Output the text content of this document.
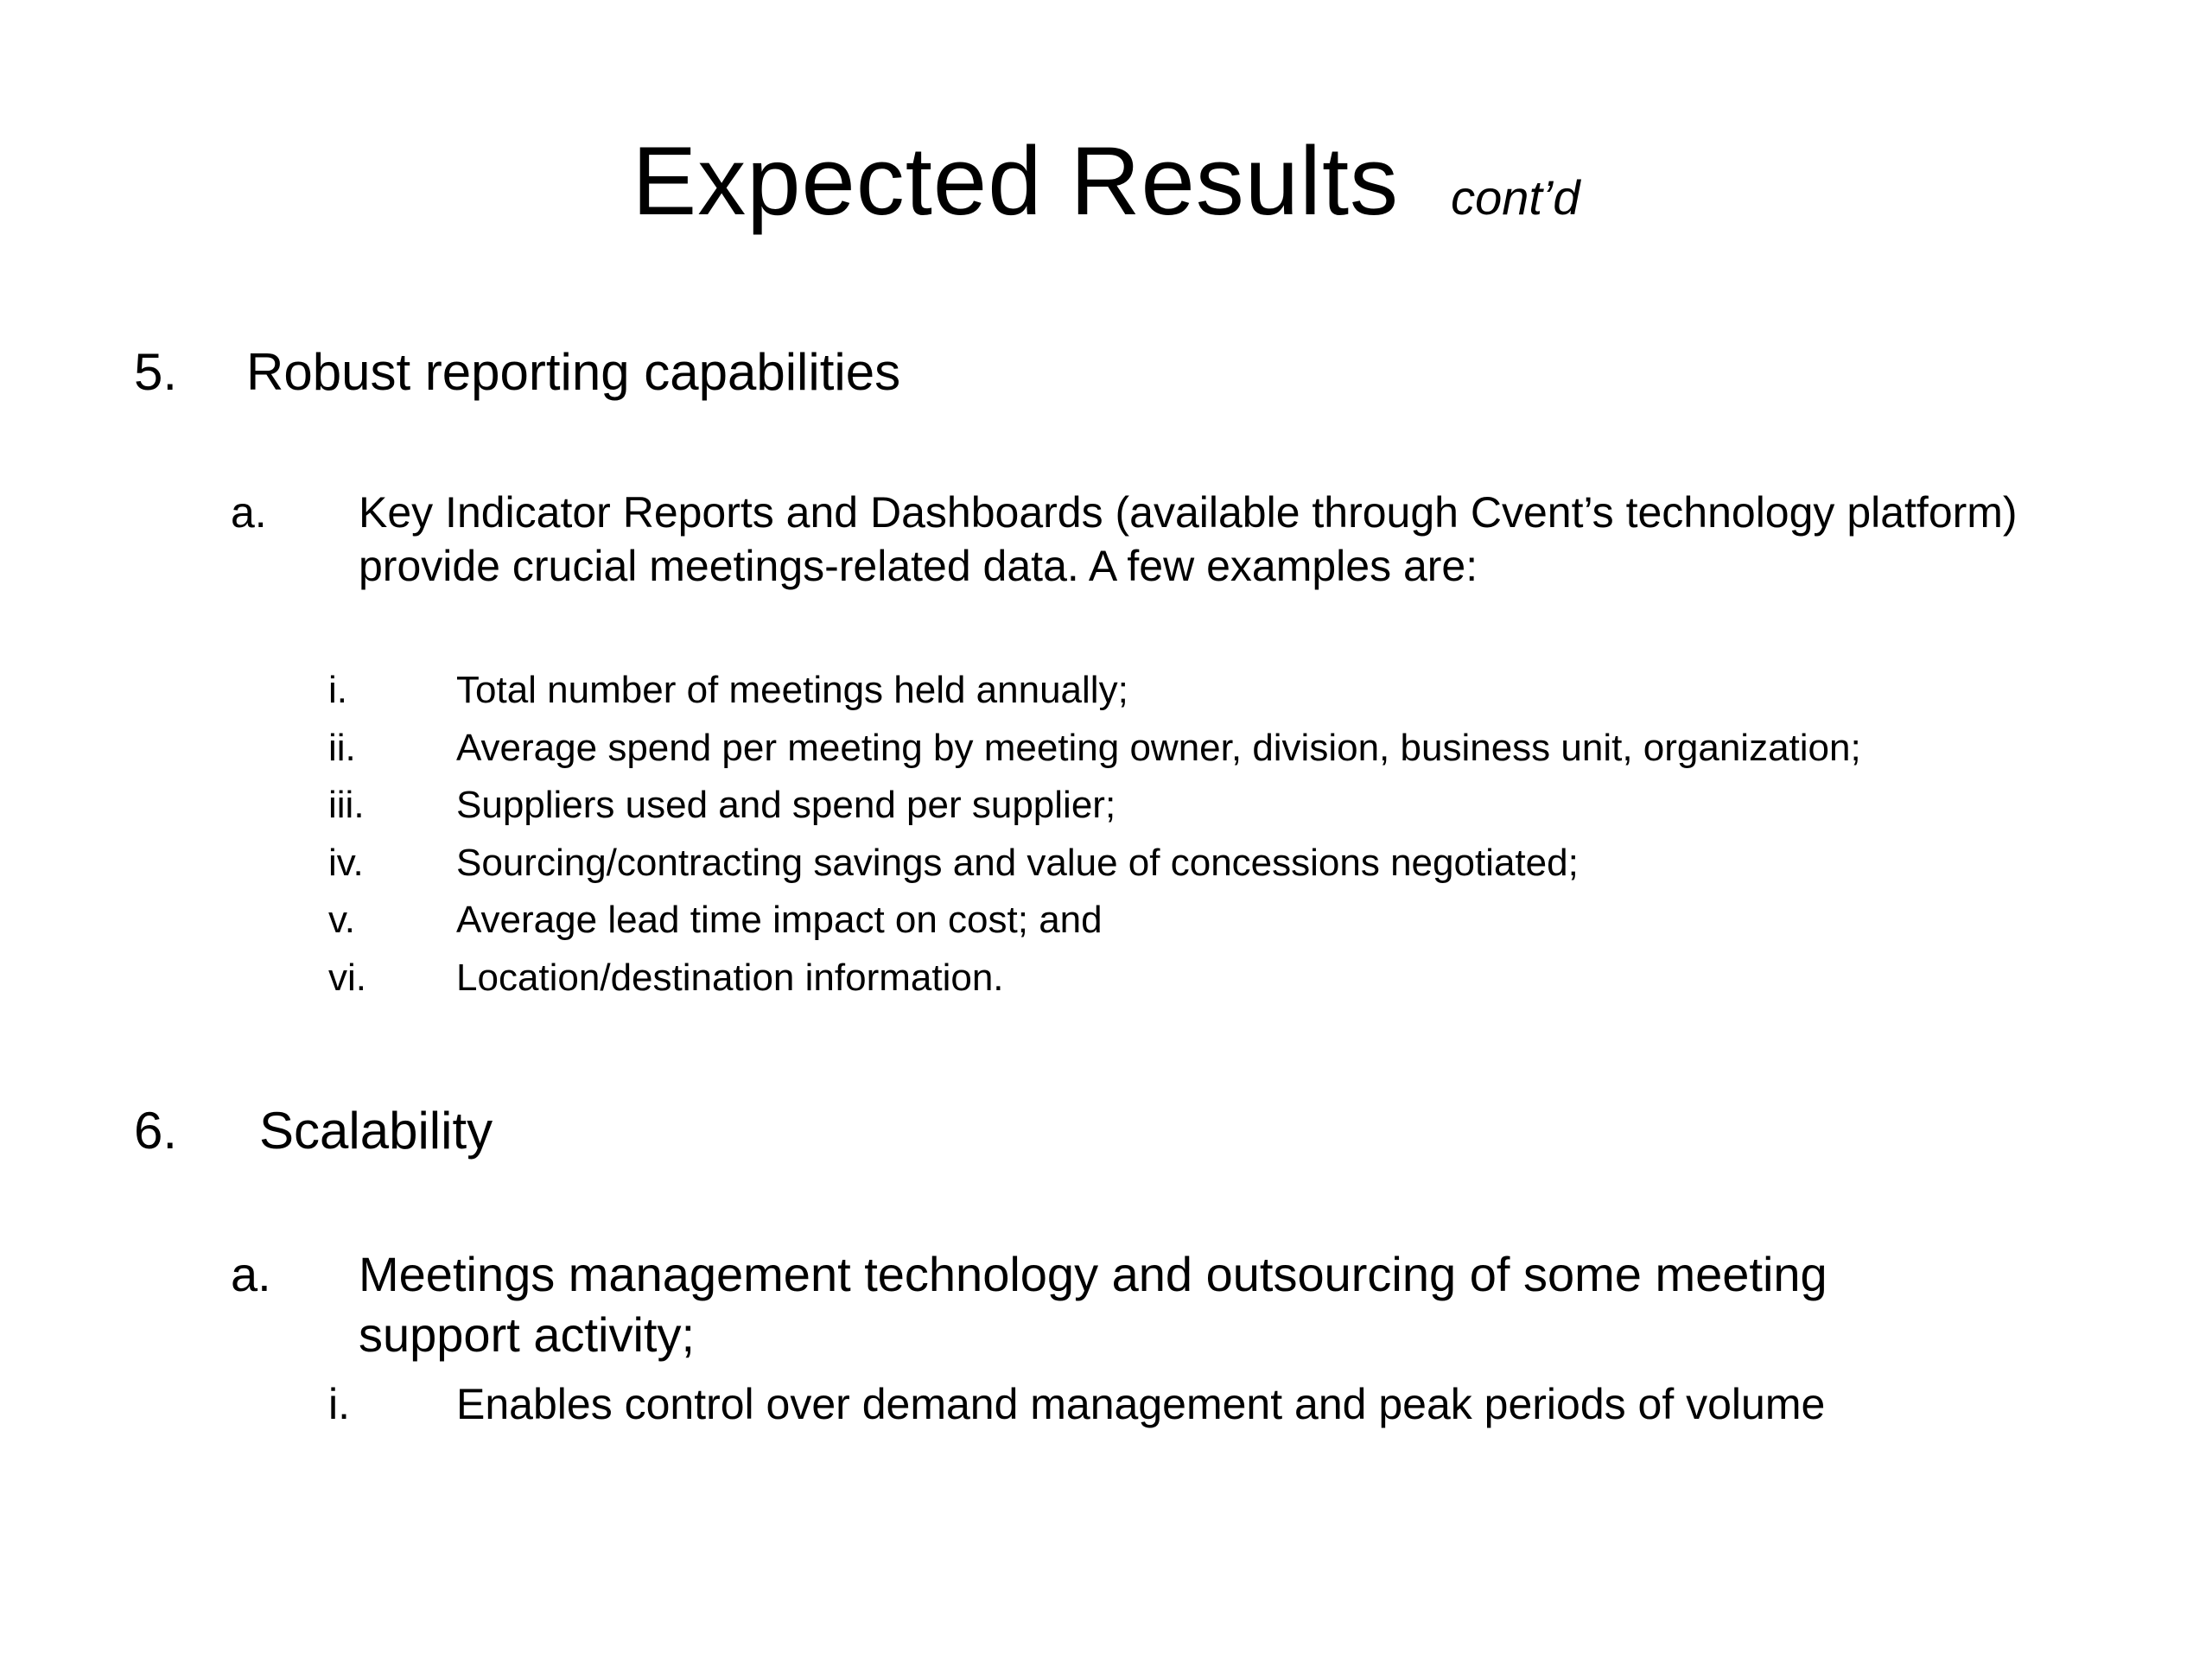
Expected Results cont’d
5. Robust reporting capabilities
a. Key Indicator Reports and Dashboards (available through Cvent’s technology platform)
provide crucial meetings-related data. A few examples are:
i.	Total number of meetings held annually;
ii.	Average spend per meeting by meeting owner, division, business unit, organization;
iii. Suppliers used and spend per supplier;
iv. Sourcing/contracting savings and value of concessions negotiated;
v.	Average lead time impact on cost; and
vi. Location/destination information.
6. Scalability
a. Meetings management technology and outsourcing of some meeting
support activity;
i. Enables control over demand management and peak periods of volume
